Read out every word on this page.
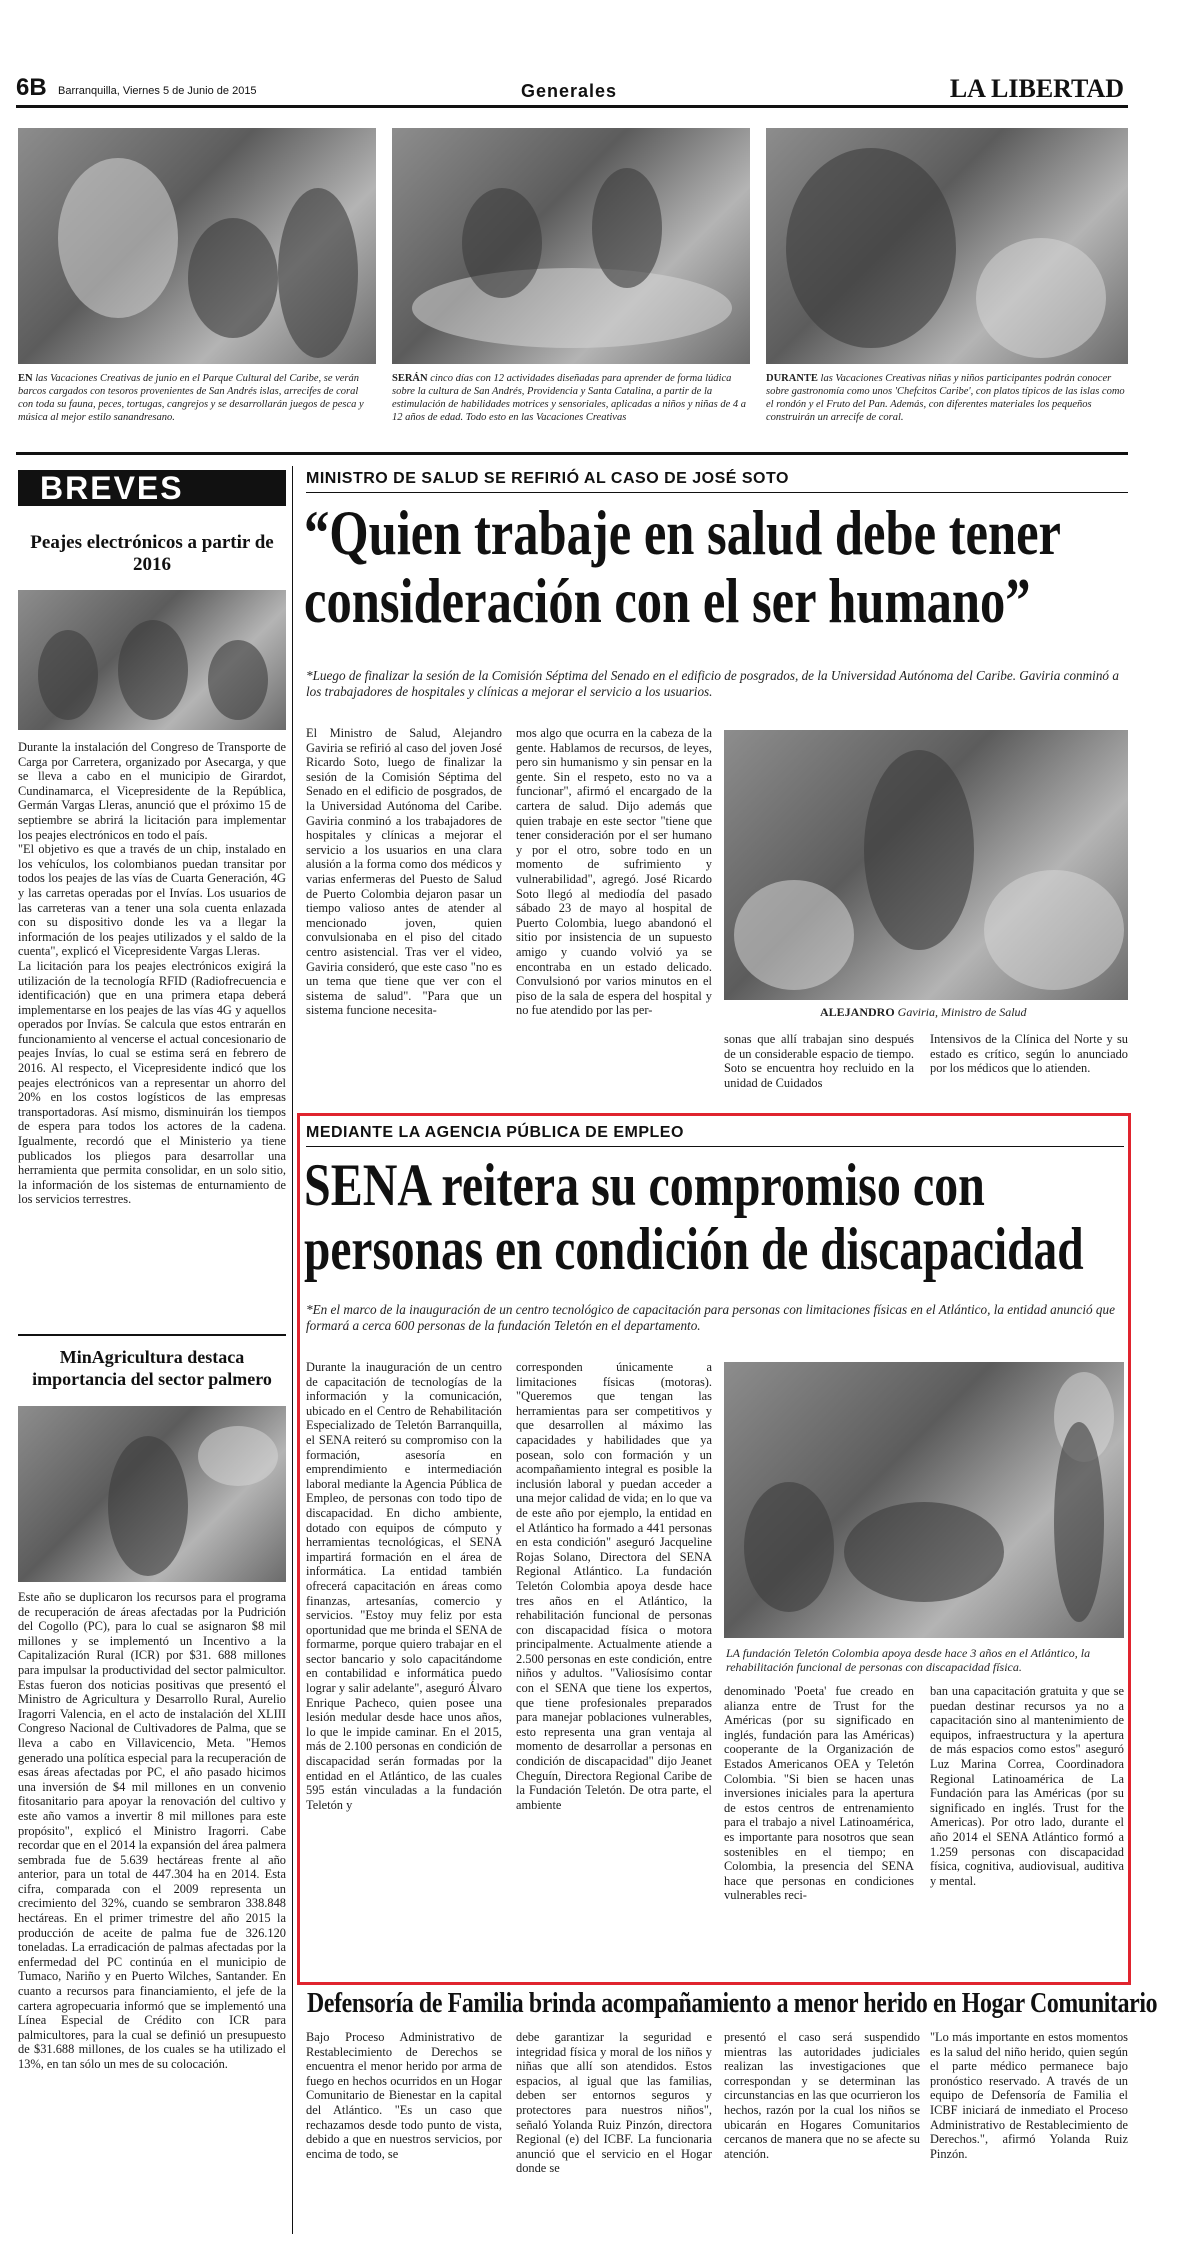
6B Barranquilla, Viernes 5 de Junio de 2015	Generales	LA LIBERTAD
EN las Vacaciones Creativas de junio en el Parque Cultural del Caribe, se verán barcos cargados con tesoros provenientes de San Andrés islas, arrecifes de coral con toda su fauna, peces, tortugas, cangrejos y se desarrollarán juegos de pesca y música al mejor estilo sanandresano.
SERÁN cinco días con 12 actividades diseñadas para aprender de forma lúdica sobre la cultura de San Andrés, Providencia y Santa Catalina, a partir de la estimulación de habilidades motrices y sensoriales, aplicadas a niños y niñas de 4 a 12 años de edad. Todo esto en las Vacaciones Creativas
DURANTE las Vacaciones Creativas niñas y niños participantes podrán conocer sobre gastronomía como unos 'Chefcitos Caribe', con platos típicos de las islas como el rondón y el Fruto del Pan. Además, con diferentes materiales los pequeños construirán un arrecife de coral.
BREVES
Peajes electrónicos a partir de 2016

Durante la instalación del Congreso de Transporte de Carga por Carretera, organizado por Asecarga, y que se lleva a cabo en el municipio de Girardot, Cundinamarca, el Vicepresidente de la República, Germán Vargas Lleras, anunció que el próximo 15 de septiembre se abrirá la licitación para implementar los peajes electrónicos en todo el país.

"El objetivo es que a través de un chip, instalado en los vehículos, los colombianos puedan transitar por todos los peajes de las vías de Cuarta Generación, 4G y las carretas operadas por el Invías. Los usuarios de las carreteras van a tener una sola cuenta enlazada con su dispositivo donde les va a llegar la información de los peajes utilizados y el saldo de la cuenta", explicó el Vicepresidente Vargas Lleras.

La licitación para los peajes electrónicos exigirá la utilización de la tecnología RFID (Radiofrecuencia e identificación) que en una primera etapa deberá implementarse en los peajes de las vías 4G y aquellos operados por Invías. Se calcula que estos entrarán en funcionamiento al vencerse el actual concesionario de peajes Invías, lo cual se estima será en febrero de 2016. Al respecto, el Vicepresidente indicó que los peajes electrónicos van a representar un ahorro del 20% en los costos logísticos de las empresas transportadoras. Así mismo, disminuirán los tiempos de espera para todos los actores de la cadena. Igualmente, recordó que el Ministerio ya tiene publicados los pliegos para desarrollar una herramienta que permita consolidar, en un solo sitio, la información de los sistemas de enturnamiento de los servicios terrestres.

MinAgricultura destaca importancia del sector palmero

Este año se duplicaron los recursos para el programa de recuperación de áreas afectadas por la Pudrición del Cogollo (PC), para lo cual se asignaron $8 mil millones y se implementó un Incentivo a la Capitalización Rural (ICR) por $31. 688 millones para impulsar la productividad del sector palmicultor. Estas fueron dos noticias positivas que presentó el Ministro de Agricultura y Desarrollo Rural, Aurelio Iragorri Valencia, en el acto de instalación del XLIII Congreso Nacional de Cultivadores de Palma, que se lleva a cabo en Villavicencio, Meta. "Hemos generado una política especial para la recuperación de esas áreas afectadas por PC, el año pasado hicimos una inversión de $4 mil millones en un convenio fitosanitario para apoyar la renovación del cultivo y este año vamos a invertir 8 mil millones para este propósito", explicó el Ministro Iragorri. Cabe recordar que en el 2014 la expansión del área palmera sembrada fue de 5.639 hectáreas frente al año anterior, para un total de 447.304 ha en 2014. Esta cifra, comparada con el 2009 representa un crecimiento del 32%, cuando se sembraron 338.848 hectáreas. En el primer trimestre del año 2015 la producción de aceite de palma fue de 326.120 toneladas. La erradicación de palmas afectadas por la enfermedad del PC continúa en el municipio de Tumaco, Nariño y en Puerto Wilches, Santander. En cuanto a recursos para financiamiento, el jefe de la cartera agropecuaria informó que se implementó una Línea Especial de Crédito con ICR para palmicultores, para la cual se definió un presupuesto de $31.688 millones, de los cuales se ha utilizado el 13%, en tan sólo un mes de su colocación.

MINISTRO DE SALUD SE REFIRIÓ AL CASO DE JOSÉ SOTO
“Quien trabaje en salud debe tener
consideración con el ser humano”
*Luego de finalizar la sesión de la Comisión Séptima del Senado en el edificio de posgrados, de la Universidad Autónoma del Caribe. Gaviria conminó a los trabajadores de hospitales y clínicas a mejorar el servicio a los usuarios.
El Ministro de Salud, Alejandro Gaviria se refirió al caso del joven José Ricardo Soto, luego de finalizar la sesión de la Comisión Séptima del Senado en el edificio de posgrados, de la Universidad Autónoma del Caribe. Gaviria conminó a los trabajadores de hospitales y clínicas a mejorar el servicio a los usuarios en una clara alusión a la forma como dos médicos y varias enfermeras del Puesto de Salud de Puerto Colombia dejaron pasar un tiempo valioso antes de atender al mencionado joven, quien convulsionaba en el piso del citado centro asistencial. Tras ver el video, Gaviria consideró, que este caso "no es un tema que tiene que ver con el sistema de salud". "Para que un sistema funcione necesita-
mos algo que ocurra en la cabeza de la gente. Hablamos de recursos, de leyes, pero sin humanismo y sin pensar en la gente. Sin el respeto, esto no va a funcionar", afirmó el encargado de la cartera de salud. Dijo además que quien trabaje en este sector "tiene que tener consideración por el ser humano y por el otro, sobre todo en un momento de sufrimiento y vulnerabilidad", agregó. José Ricardo Soto llegó al mediodía del pasado sábado 23 de mayo al hospital de Puerto Colombia, luego abandonó el sitio por insistencia de un supuesto amigo y cuando volvió ya se encontraba en un estado delicado. Convulsionó por varios minutos en el piso de la sala de espera del hospital y no fue atendido por las per-	ALEJANDRO Gaviria, Ministro de Salud
sonas que allí trabajan sino después de un considerable espacio de tiempo. Soto se encuentra hoy recluido en la unidad de Cuidados
Intensivos de la Clínica del Norte y su estado es crítico, según lo anunciado por los médicos que lo atienden.
MEDIANTE LA AGENCIA PÚBLICA DE EMPLEO
SENA reitera su compromiso con
personas en condición de discapacidad
*En el marco de la inauguración de un centro tecnológico de capacitación para personas con limitaciones físicas en el Atlántico, la entidad anunció que formará a cerca 600 personas de la fundación Teletón en el departamento.
Durante la inauguración de un centro de capacitación de tecnologías de la información y la comunicación, ubicado en el Centro de Rehabilitación Especializado de Teletón Barranquilla, el SENA reiteró su compromiso con la formación, asesoría en emprendimiento e intermediación laboral mediante la Agencia Pública de Empleo, de personas con todo tipo de discapacidad. En dicho ambiente, dotado con equipos de cómputo y herramientas tecnológicas, el SENA impartirá formación en el área de informática. La entidad también ofrecerá capacitación en áreas como finanzas, artesanías, comercio y servicios. "Estoy muy feliz por esta oportunidad que me brinda el SENA de formarme, porque quiero trabajar en el sector bancario y solo capacitándome en contabilidad e informática puedo lograr y salir adelante", aseguró Álvaro Enrique Pacheco, quien posee una lesión medular desde hace unos años, lo que le impide caminar. En el 2015, más de 2.100 personas en condición de discapacidad serán formadas por la entidad en el Atlántico, de las cuales 595 están vinculadas a la fundación Teletón y
corresponden únicamente a limitaciones físicas (motoras). "Queremos que tengan las herramientas para ser competitivos y que desarrollen al máximo las capacidades y habilidades que ya posean, solo con formación y un acompañamiento integral es posible la inclusión laboral y puedan acceder a una mejor calidad de vida; en lo que va de este año por ejemplo, la entidad en el Atlántico ha formado a 441 personas en esta condición" aseguró Jacqueline Rojas Solano, Directora del SENA Regional Atlántico. La fundación Teletón Colombia apoya desde hace tres años en el Atlántico, la rehabilitación funcional de personas con discapacidad física o motora principalmente. Actualmente atiende a 2.500 personas en este condición, entre niños y adultos. "Valiosísimo contar con el SENA que tiene los expertos, que tiene profesionales preparados para manejar poblaciones vulnerables, esto representa una gran ventaja al momento de desarrollar a personas en condición de discapacidad" dijo Jeanet Cheguín, Directora Regional Caribe de la Fundación Teletón. De otra parte, el ambiente
LA fundación Teletón Colombia apoya desde hace 3 años en el Atlántico, la rehabilitación funcional de personas con discapacidad física.
denominado 'Poeta' fue creado en alianza entre de Trust for the Américas (por su significado en inglés, fundación para las Américas) cooperante de la Organización de Estados Americanos OEA y Teletón Colombia. "Si bien se hacen unas inversiones iniciales para la apertura de estos centros de entrenamiento para el trabajo a nivel Latinoamérica, es importante para nosotros que sean sostenibles en el tiempo; en Colombia, la presencia del SENA hace que personas en condiciones vulnerables reci-
ban una capacitación gratuita y que se puedan destinar recursos ya no a capacitación sino al mantenimiento de equipos, infraestructura y la apertura de más espacios como estos" aseguró Luz Marina Correa, Coordinadora Regional Latinoamérica de La Fundación para las Américas (por su significado en inglés. Trust for the Americas). Por otro lado, durante el año 2014 el SENA Atlántico formó a 1.259 personas con discapacidad física, cognitiva, audiovisual, auditiva y mental.
Defensoría de Familia brinda acompañamiento a menor herido en Hogar Comunitario
Bajo Proceso Administrativo de Restablecimiento de Derechos se encuentra el menor herido por arma de fuego en hechos ocurridos en un Hogar Comunitario de Bienestar en la capital del Atlántico. "Es un caso que rechazamos desde todo punto de vista, debido a que en nuestros servicios, por encima de todo, se
debe garantizar la seguridad e integridad física y moral de los niños y niñas que allí son atendidos. Estos espacios, al igual que las familias, deben ser entornos seguros y protectores para nuestros niños", señaló Yolanda Ruiz Pinzón, directora Regional (e) del ICBF. La funcionaria anunció que el servicio en el Hogar donde se
presentó el caso será suspendido mientras las autoridades judiciales realizan las investigaciones que correspondan y se determinan las circunstancias en las que ocurrieron los hechos, razón por la cual los niños se ubicarán en Hogares Comunitarios cercanos de manera que no se afecte su atención.
"Lo más importante en estos momentos es la salud del niño herido, quien según el parte médico permanece bajo pronóstico reservado. A través de un equipo de Defensoría de Familia el ICBF iniciará de inmediato el Proceso Administrativo de Restablecimiento de Derechos.", afirmó Yolanda Ruiz Pinzón.
